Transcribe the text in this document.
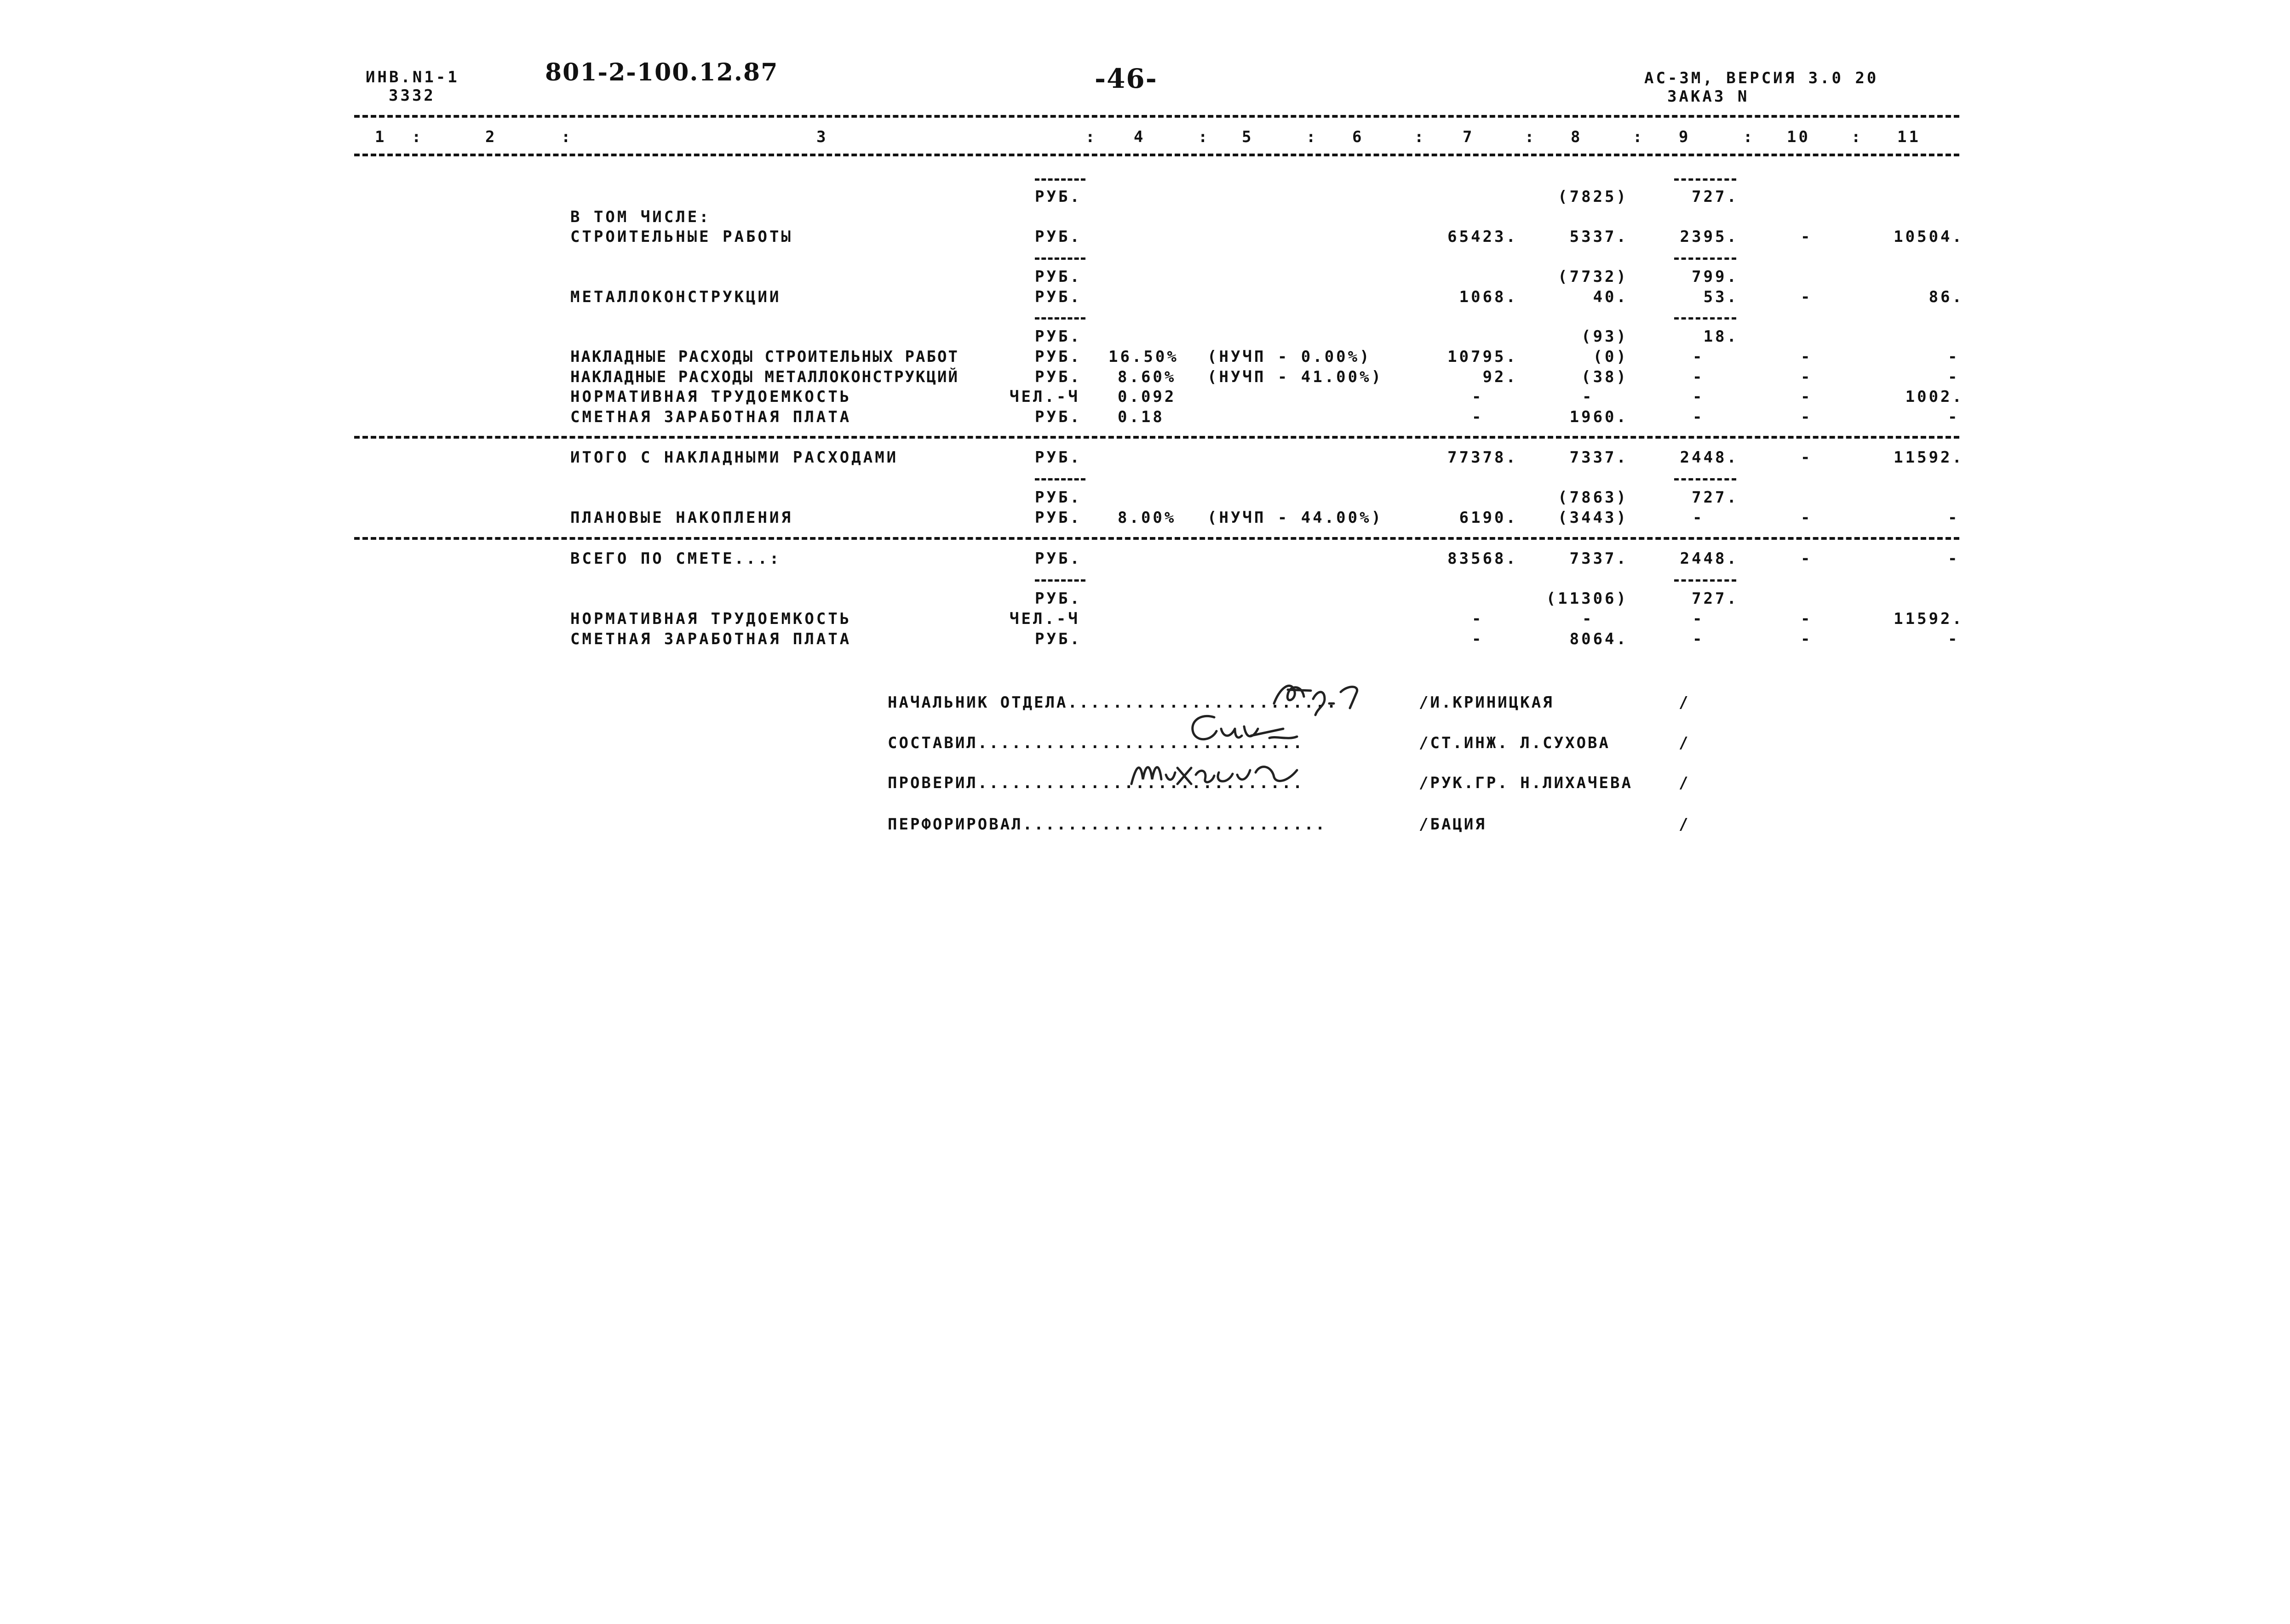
ИНВ.N1-1
3332
801-2-100.12.87	-46-	АС-3М, ВЕРСИЯ 3.0 20
ЗАКАЗ N
1 :	2	:	3	: 4	: 5	: 6	: 7	: 8	: 9	: 10	: 11
РУБ.	(7825)	727.
В ТОМ ЧИСЛЕ:
СТРОИТЕЛЬНЫЕ РАБОТЫ	РУБ.	65423.	5337.	2395.	-	10504.
РУБ.	(7732)	799.
МЕТАЛЛОКОНСТРУКЦИИ	РУБ.	1068.	40.	53.	-	86.
РУБ.	(93)	18.
НАКЛАДНЫЕ РАСХОДЫ СТРОИТЕЛЬНЫХ РАБОТ	РУБ. 16.50% (НУЧП - 0.00%)	10795.	(0)	-	-	-
НАКЛАДНЫЕ РАСХОДЫ МЕТАЛЛОКОНСТРУКЦИЙ	РУБ. 8.60% (НУЧП - 41.00%)	92.	(38)	-	-	-
НОРМАТИВНАЯ ТРУДОЕМКОСТЬ	ЧЕЛ.-Ч 0.092	-	-	-	-	1002.
СМЕТНАЯ ЗАРАБОТНАЯ ПЛАТА	РУБ. 0.18	-	1960.	-	-	-
ИТОГО С НАКЛАДНЫМИ РАСХОДАМИ	РУБ.	77378.	7337.	2448.	-	11592.
РУБ.	(7863)	727.
ПЛАНОВЫЕ НАКОПЛЕНИЯ	РУБ. 8.00% (НУЧП - 44.00%)	6190.	(3443)	-	-	-
ВСЕГО ПО СМЕТЕ...:	РУБ.	83568.	7337.	2448.	-	-
РУБ.	(11306)	727.
НОРМАТИВНАЯ ТРУДОЕМКОСТЬ	ЧЕЛ.-Ч	-	-	-	-	11592.
СМЕТНАЯ ЗАРАБОТНАЯ ПЛАТА	РУБ.	-	8064.	-	-	-
НАЧАЛЬНИК ОТДЕЛА........................	/И.КРИНИЦКАЯ	/
СОСТАВИЛ.............................	/СТ.ИНЖ. Л.СУХОВА	/
ПРОВЕРИЛ.............................	/РУК.ГР. Н.ЛИХАЧЕВА	/
ПЕРФОРИРОВАЛ...........................	/БАЦИЯ	/
